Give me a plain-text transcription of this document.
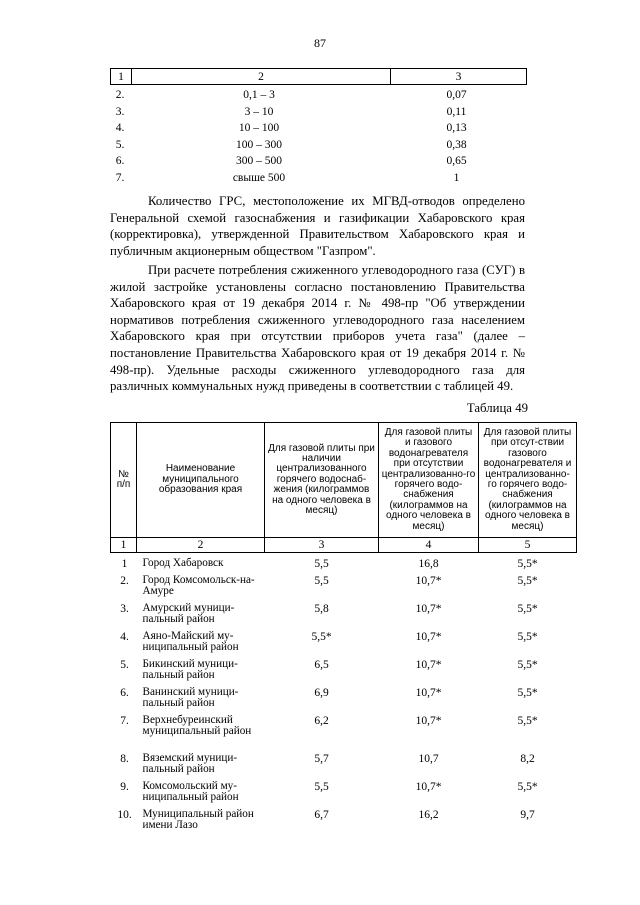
87
1	2	3
2.	0,1 – 3	0,07
3.	3 – 10	0,11
4.	10 – 100	0,13
5.	100 – 300	0,38
6.	300 – 500	0,65
7.	свыше 500	1

Количество ГРС, местоположение их МГВД-отводов определено Генеральной схемой газоснабжения и газификации Хабаровского края (корректировка), утвержденной Правительством Хабаровского края и публичным акционерным обществом "Газпром".

При расчете потребления сжиженного углеводородного газа (СУГ) в жилой застройке установлены согласно постановлению Правительства Хабаровского края от 19 декабря 2014 г. № 498-пр "Об утверждении нормативов потребления сжиженного углеводородного газа населением Хабаровского края при отсутствии приборов учета газа" (далее – постановление Правительства Хабаровского края от 19 декабря 2014 г. № 498-пр). Удельные расходы сжиженного углеводородного газа для различных коммунальных нужд приведены в соответствии с таблицей 49.

Таблица 49
№ п/п	Наименование муниципального образования края	Для газовой плиты при наличии централизованного горячего водоснаб-жения (килограммов на одного человека в месяц)	Для газовой плиты и газового водонагревателя при отсутствии централизованно-го горячего водо-снабжения (килограммов на одного человека в месяц)	Для газовой плиты при отсут-ствии газового водонагревателя и централизованно-го горячего водо-снабжения (килограммов на одного человека в месяц)
1	2	3	4	5

1	Город Хабаровск	5,5	16,8	5,5*
2.	Город Комсомольск-на-Амуре	5,5	10,7*	5,5*
3.	Амурский муници-пальный район	5,8	10,7*	5,5*
4.	Аяно-Майский му-ниципальный район	5,5*	10,7*	5,5*
5.	Бикинский муници-пальный район	6,5	10,7*	5,5*
6.	Ванинский муници-пальный район	6,9	10,7*	5,5*
7.	Верхнебуреинский муниципальный район	6,2	10,7*	5,5*
8.	Вяземский муници-пальный район	5,7	10,7	8,2
9.	Комсомольский му-ниципальный район	5,5	10,7*	5,5*
10.	Муниципальный район имени Лазо	6,7	16,2	9,7
